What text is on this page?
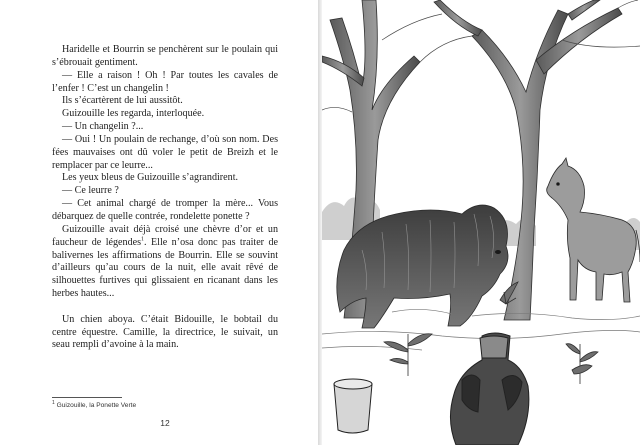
Haridelle et Bourrin se penchèrent sur le poulain qui s’ébrouait gentiment.

— Elle a raison ! Oh ! Par toutes les cavales de l’enfer ! C’est un changelin !

Ils s’écartèrent de lui aussitôt.

Guizouille les regarda, interloquée.

— Un changelin ?...

— Oui ! Un poulain de rechange, d’où son nom. Des fées mauvaises ont dû voler le petit de Breizh et le remplacer par ce leurre...

Les yeux bleus de Guizouille s’agrandirent.

— Ce leurre ?

— Cet animal chargé de tromper la mère... Vous débarquez de quelle contrée, rondelette ponette ?

Guizouille avait déjà croisé une chèvre d’or et un faucheur de légendes$^1$. Elle n’osa donc pas traiter de balivernes les affirmations de Bourrin. Elle se souvint d’ailleurs qu’au cours de la nuit, elle avait rêvé de silhouettes furtives qui glissaient en ricanant dans les herbes hautes...

Un chien aboya. C’était Bidouille, le bobtail du centre équestre. Camille, la directrice, le suivait, un seau rempli d’avoine à la main.

$^1$ Guizouille, la Ponette Verte
12
